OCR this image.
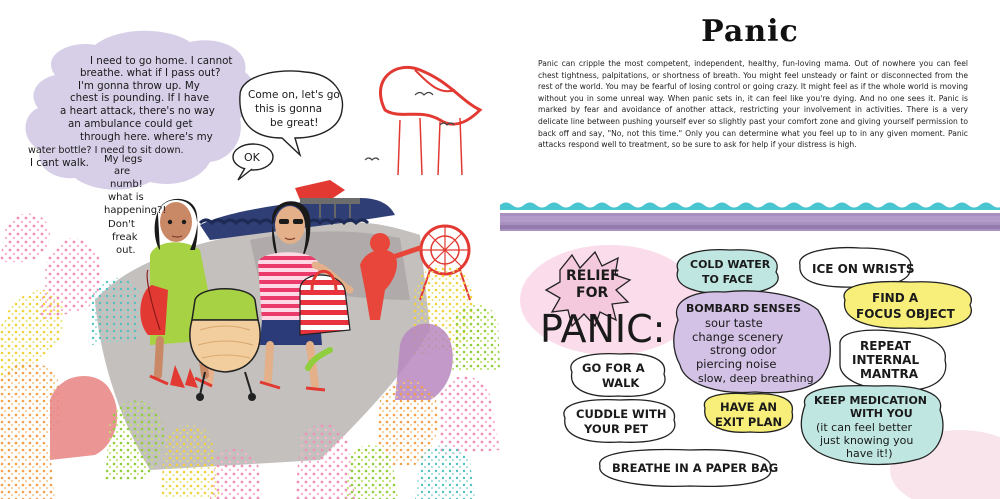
I need to go home. I cannot breathe. what if I pass out? I'm gonna throw up. My chest is pounding. If I have a heart attack, there's no way an ambulance could get through here. where's my water bottle? I need to sit down. I cant walk.
Come on, let's go this is gonna be great!
OK
My legs are numb! what is happening?! Don't freak out.
Panic
Panic can cripple the most competent, independent, healthy, fun-loving mama. Out of nowhere you can feel chest tightness, palpitations, or shortness of breath. You might feel unsteady or faint or disconnected from the rest of the world. You may be fearful of losing control or going crazy. It might feel as if the whole world is moving without you in some unreal way. When panic sets in, it can feel like you're dying. And no one sees it. Panic is marked by fear and avoidance of another attack, restricting your involvement in activities. There is a very delicate line between pushing yourself ever so slightly past your comfort zone and giving yourself permission to back off and say, "No, not this time." Only you can determine what you feel up to in any given moment. Panic attacks respond well to treatment, so be sure to ask for help if your distress is high.
RELIEF FOR
PANIC:
COLD WATER TO FACE
ICE ON WRISTS
BOMBARD SENSES sour taste change scenery strong odor piercing noise slow, deep breathing
FIND A FOCUS OBJECT
REPEAT INTERNAL MANTRA
GO FOR A WALK
CUDDLE WITH YOUR PET
HAVE AN EXIT PLAN
KEEP MEDICATION WITH YOU (it can feel better just knowing you have it!)
BREATHE IN A PAPER BAG
